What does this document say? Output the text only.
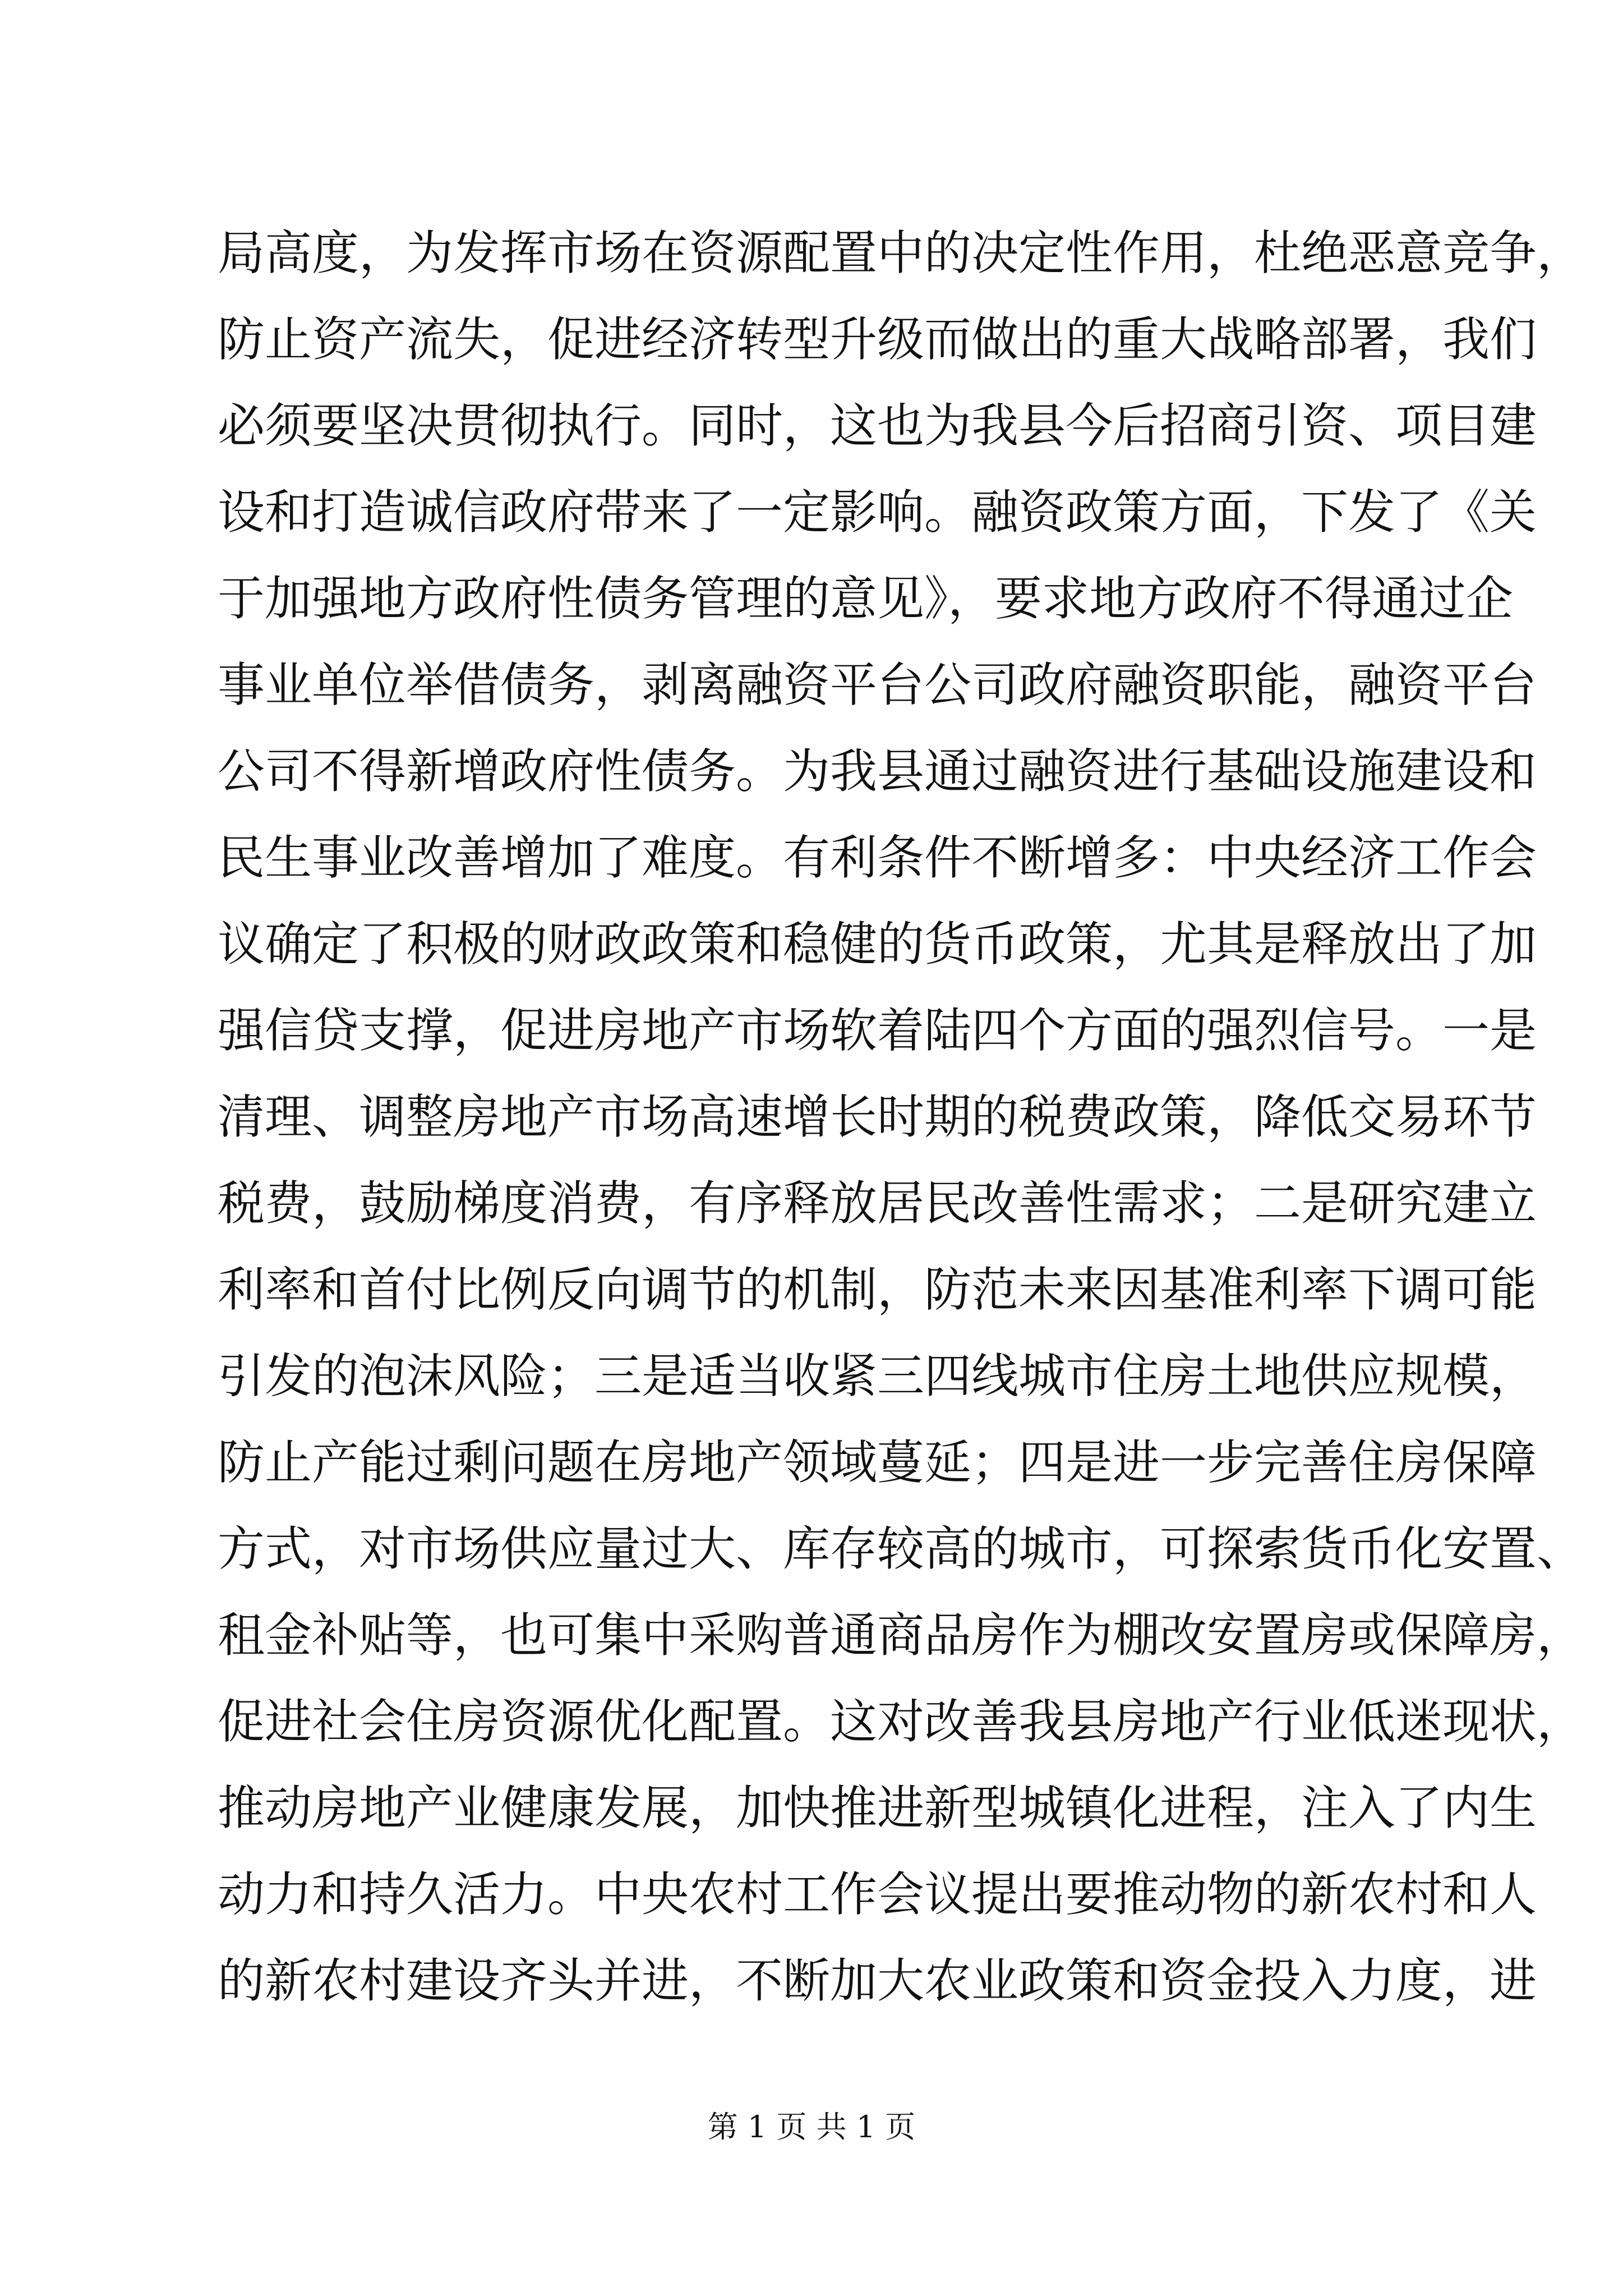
局高度，为发挥市场在资源配置中的决定性作用，杜绝恶意竞争，
防止资产流失，促进经济转型升级而做出的重大战略部署，我们
必须要坚决贯彻执行。同时，这也为我县今后招商引资、项目建
设和打造诚信政府带来了一定影响。融资政策方面，下发了《关
于加强地方政府性债务管理的意见》，要求地方政府不得通过企
事业单位举借债务，剥离融资平台公司政府融资职能，融资平台
公司不得新增政府性债务。为我县通过融资进行基础设施建设和
民生事业改善增加了难度。有利条件不断增多：中央经济工作会
议确定了积极的财政政策和稳健的货币政策，尤其是释放出了加
强信贷支撑，促进房地产市场软着陆四个方面的强烈信号。一是
清理、调整房地产市场高速增长时期的税费政策，降低交易环节
税费，鼓励梯度消费，有序释放居民改善性需求；二是研究建立
利率和首付比例反向调节的机制，防范未来因基准利率下调可能
引发的泡沫风险；三是适当收紧三四线城市住房土地供应规模，
防止产能过剩问题在房地产领域蔓延；四是进一步完善住房保障
方式，对市场供应量过大、库存较高的城市，可探索货币化安置、
租金补贴等，也可集中采购普通商品房作为棚改安置房或保障房，
促进社会住房资源优化配置。这对改善我县房地产行业低迷现状，
推动房地产业健康发展，加快推进新型城镇化进程，注入了内生
动力和持久活力。中央农村工作会议提出要推动物的新农村和人
的新农村建设齐头并进，不断加大农业政策和资金投入力度，进
第 1 页 共 1 页
